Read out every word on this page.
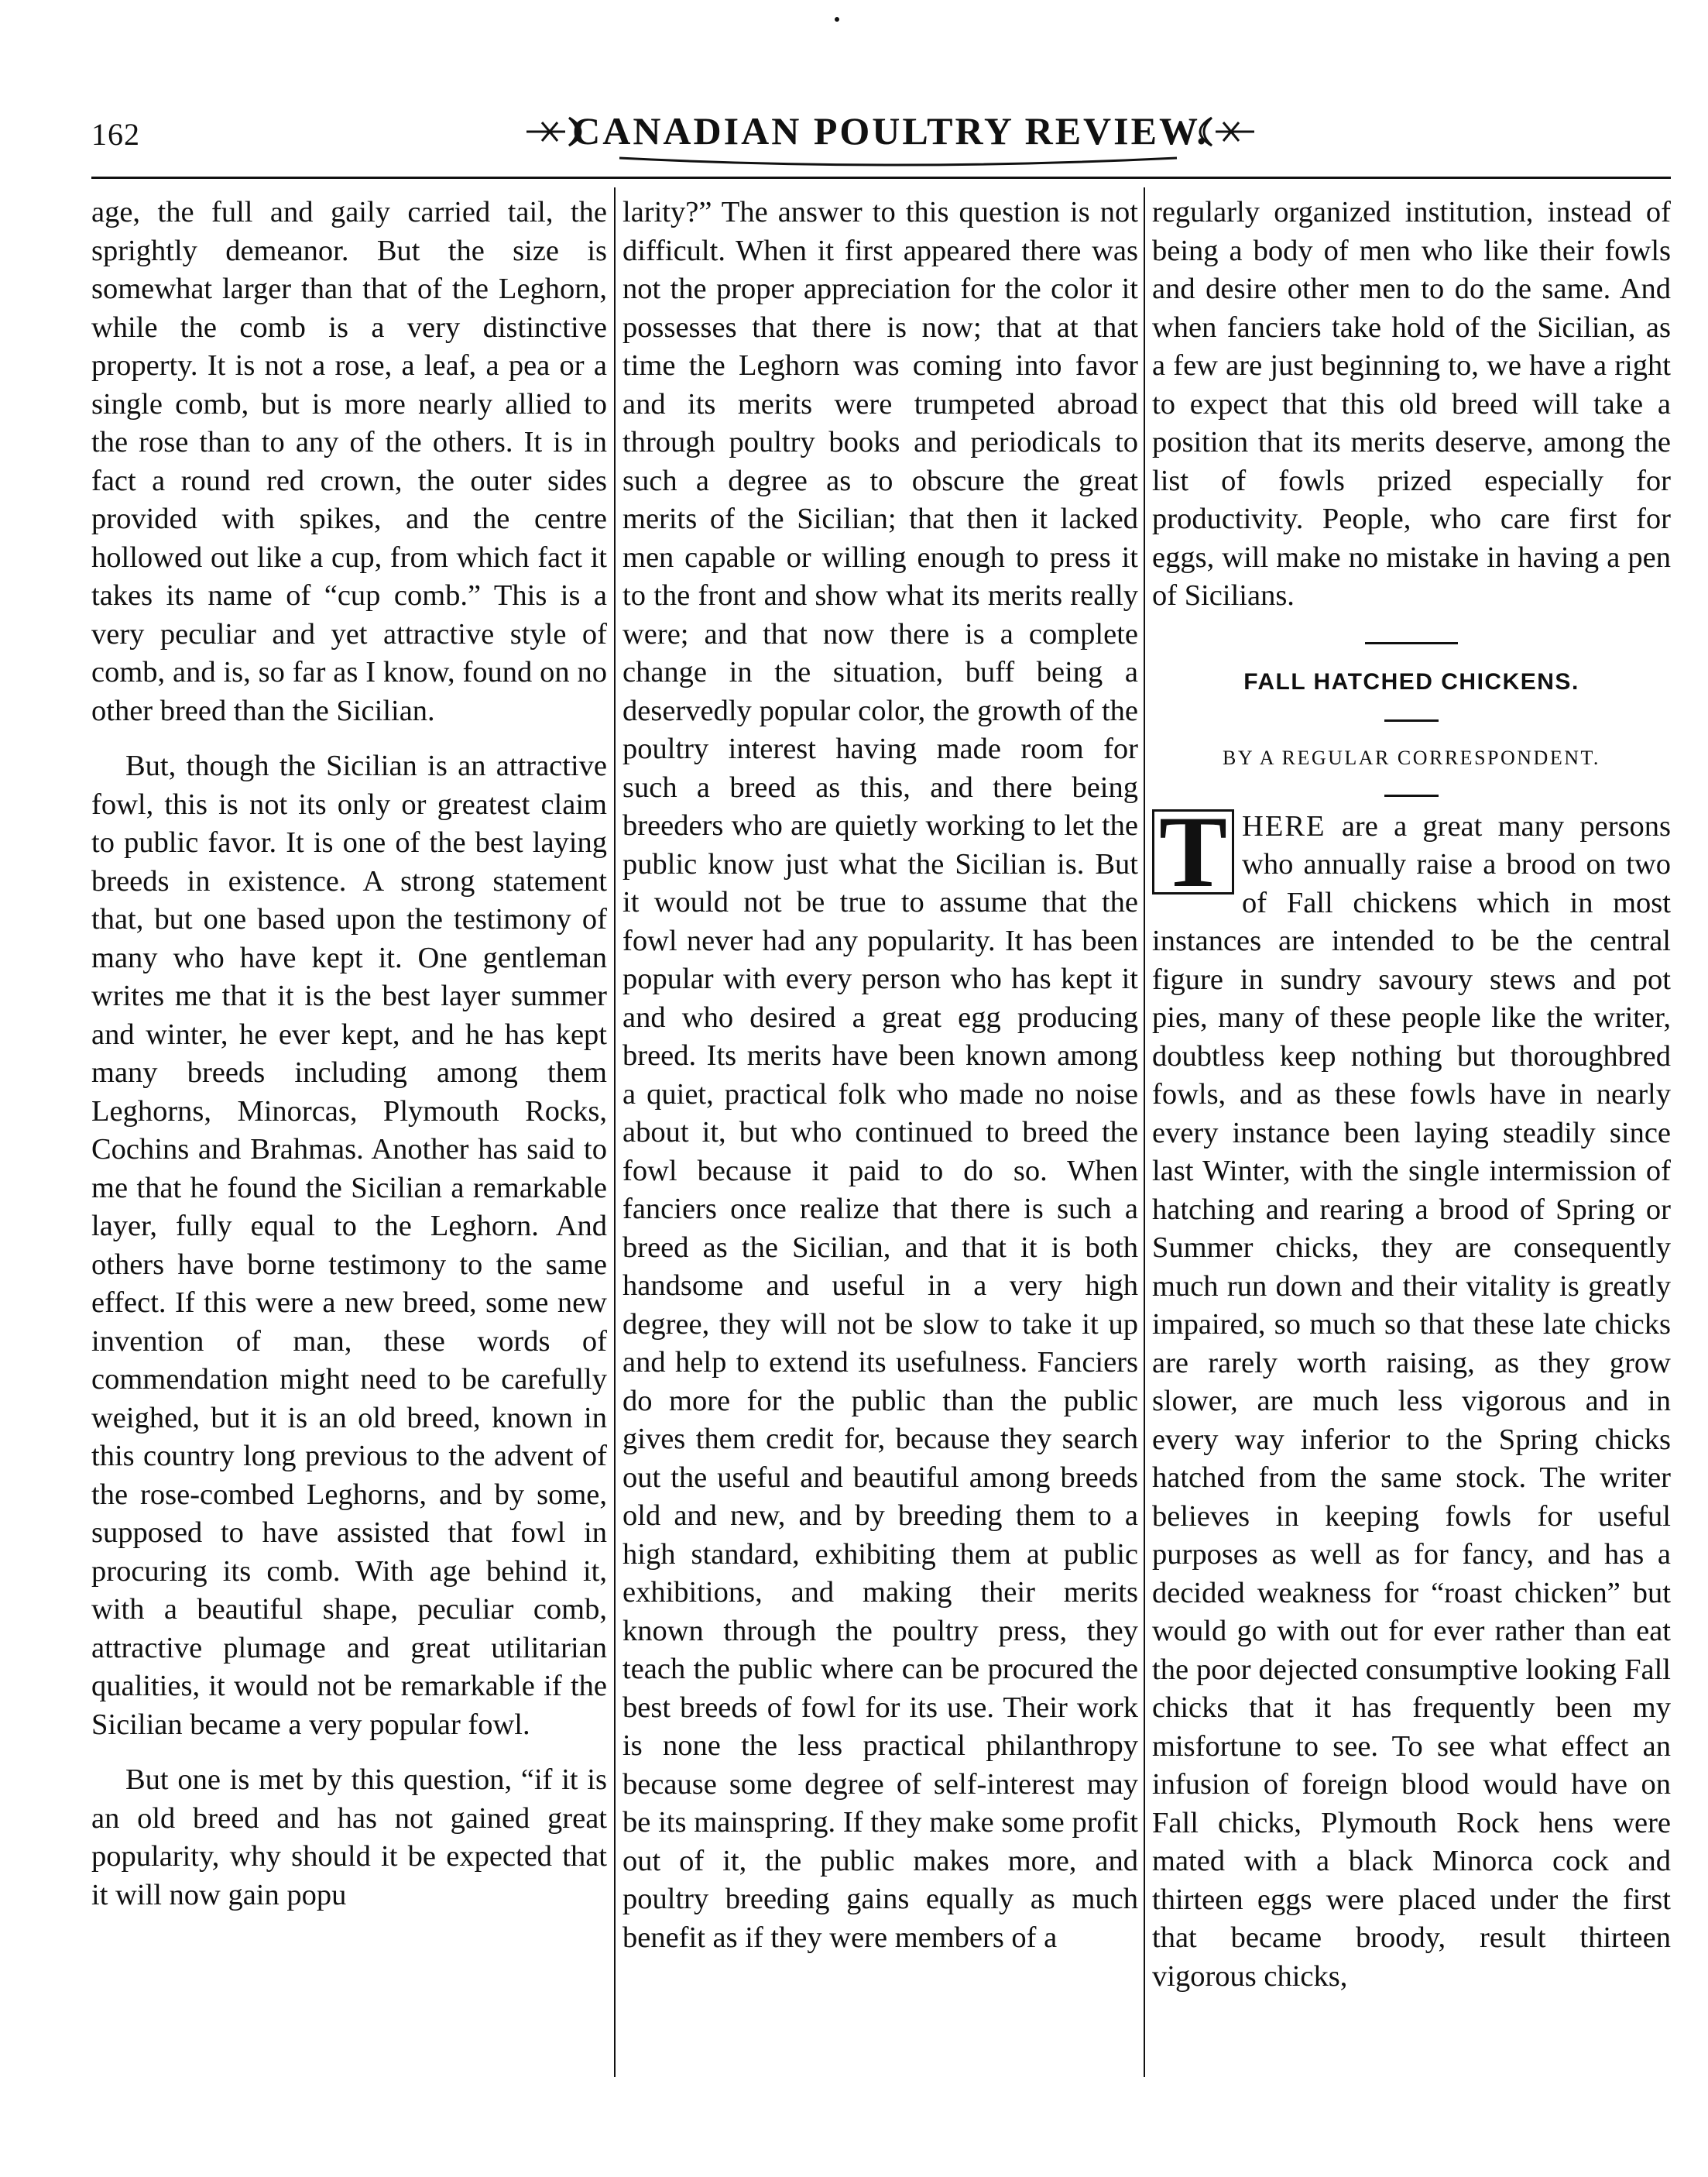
162	CANADIAN POULTRY REVIEW.

age, the full and gaily carried tail, the sprightly demeanor. But the size is somewhat larger than that of the Leghorn, while the comb is a very distinctive property. It is not a rose, a leaf, a pea or a single comb, but is more nearly allied to the rose than to any of the others. It is in fact a round red crown, the outer sides provided with spikes, and the centre hollowed out like a cup, from which fact it takes its name of “cup comb.” This is a very peculiar and yet attractive style of comb, and is, so far as I know, found on no other breed than the Sicilian.

But, though the Sicilian is an attractive fowl, this is not its only or greatest claim to public favor. It is one of the best laying breeds in existence. A strong statement that, but one based upon the testimony of many who have kept it. One gentleman writes me that it is the best layer summer and winter, he ever kept, and he has kept many breeds including among them Leghorns, Minorcas, Plymouth Rocks, Cochins and Brahmas. Another has said to me that he found the Sicilian a remarkable layer, fully equal to the Leghorn. And others have borne testimony to the same effect. If this were a new breed, some new invention of man, these words of commendation might need to be carefully weighed, but it is an old breed, known in this country long previous to the advent of the rose-combed Leghorns, and by some, supposed to have assisted that fowl in procuring its comb. With age behind it, with a beautiful shape, peculiar comb, attractive plumage and great utilitarian qualities, it would not be remarkable if the Sicilian became a very popular fowl.

But one is met by this question, “if it is an old breed and has not gained great popularity, why should it be expected that it will now gain popu

larity?” The answer to this question is not difficult. When it first appeared there was not the proper appreciation for the color it possesses that there is now; that at that time the Leghorn was coming into favor and its merits were trumpeted abroad through poultry books and periodicals to such a degree as to obscure the great merits of the Sicilian; that then it lacked men capable or willing enough to press it to the front and show what its merits really were; and that now there is a complete change in the situation, buff being a deservedly popular color, the growth of the poultry interest having made room for such a breed as this, and there being breeders who are quietly working to let the public know just what the Sicilian is. But it would not be true to assume that the fowl never had any popularity. It has been popular with every person who has kept it and who desired a great egg producing breed. Its merits have been known among a quiet, practical folk who made no noise about it, but who continued to breed the fowl because it paid to do so. When fanciers once realize that there is such a breed as the Sicilian, and that it is both handsome and useful in a very high degree, they will not be slow to take it up and help to extend its usefulness. Fanciers do more for the public than the public gives them credit for, because they search out the useful and beautiful among breeds old and new, and by breeding them to a high standard, exhibiting them at public exhibitions, and making their merits known through the poultry press, they teach the public where can be procured the best breeds of fowl for its use. Their work is none the less practical philanthropy because some degree of self-interest may be its mainspring. If they make some profit out of it, the public makes more, and poultry breeding gains equally as much benefit as if they were members of a

regularly organized institution, instead of being a body of men who like their fowls and desire other men to do the same. And when fanciers take hold of the Sicilian, as a few are just beginning to, we have a right to expect that this old breed will take a position that its merits deserve, among the list of fowls prized especially for productivity. People, who care first for eggs, will make no mistake in having a pen of Sicilians.

FALL HATCHED CHICKENS.
BY A REGULAR CORRESPONDENT.

T HERE are a great many persons who annually raise a brood on two of Fall chickens which in most instances are intended to be the central figure in sundry savoury stews and pot pies, many of these people like the writer, doubtless keep nothing but thoroughbred fowls, and as these fowls have in nearly every instance been laying steadily since last Winter, with the single intermission of hatching and rearing a brood of Spring or Summer chicks, they are consequently much run down and their vitality is greatly impaired, so much so that these late chicks are rarely worth raising, as they grow slower, are much less vigorous and in every way inferior to the Spring chicks hatched from the same stock. The writer believes in keeping fowls for useful purposes as well as for fancy, and has a decided weakness for “roast chicken” but would go with out for ever rather than eat the poor dejected consumptive looking Fall chicks that it has frequently been my misfortune to see. To see what effect an infusion of foreign blood would have on Fall chicks, Plymouth Rock hens were mated with a black Minorca cock and thirteen eggs were placed under the first that became broody, result thirteen vigorous chicks,
